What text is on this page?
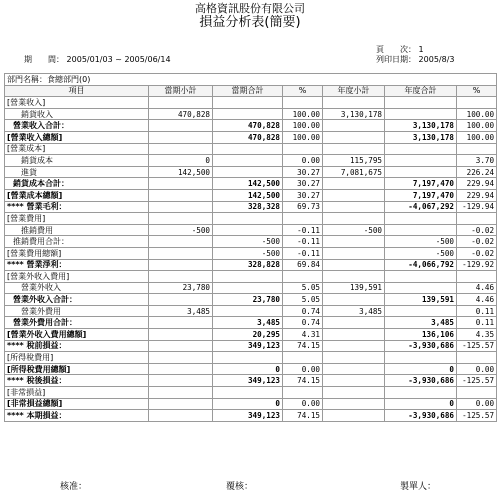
高格資訊股份有限公司
損益分析表(簡要)
期　　間： 2005/01/03 ~ 2005/06/14
頁　　次： 1
列印日期： 2005/8/3
部門名稱：食總部門(0)						
項目	當期小計	當期合計	%	年度小計	年度合計	%
[營業收入]						
銷貨收入	470,828		100.00	3,130,178		100.00
營業收入合計：		470,828	100.00		3,130,178	100.00
[營業收入總額]		470,828	100.00		3,130,178	100.00
[營業成本]						
銷貨成本	0		0.00	115,795		3.70
進貨	142,500		30.27	7,081,675		226.24
銷貨成本合計：		142,500	30.27		7,197,470	229.94
[營業成本總額]		142,500	30.27		7,197,470	229.94
**** 營業毛利：		328,328	69.73		-4,067,292	-129.94
[營業費用]						
推銷費用	-500		-0.11	-500		-0.02
推銷費用合計：		-500	-0.11		-500	-0.02
[營業費用總額]		-500	-0.11		-500	-0.02
**** 營業淨利：		328,828	69.84		-4,066,792	-129.92
[營業外收入費用]						
營業外收入	23,780		5.05	139,591		4.46
營業外收入合計：		23,780	5.05		139,591	4.46
營業外費用	3,485		0.74	3,485		0.11
營業外費用合計：		3,485	0.74		3,485	0.11
[營業外收入費用總額]		20,295	4.31		136,106	4.35
**** 稅前損益：		349,123	74.15		-3,930,686	-125.57
[所得稅費用]						
[所得稅費用總額]		0	0.00		0	0.00
**** 稅後損益：		349,123	74.15		-3,930,686	-125.57
[非常損益]						
[非常損益總額]		0	0.00		0	0.00
**** 本期損益：		349,123	74.15		-3,930,686	-125.57
核准：	覆核：	製單人：
